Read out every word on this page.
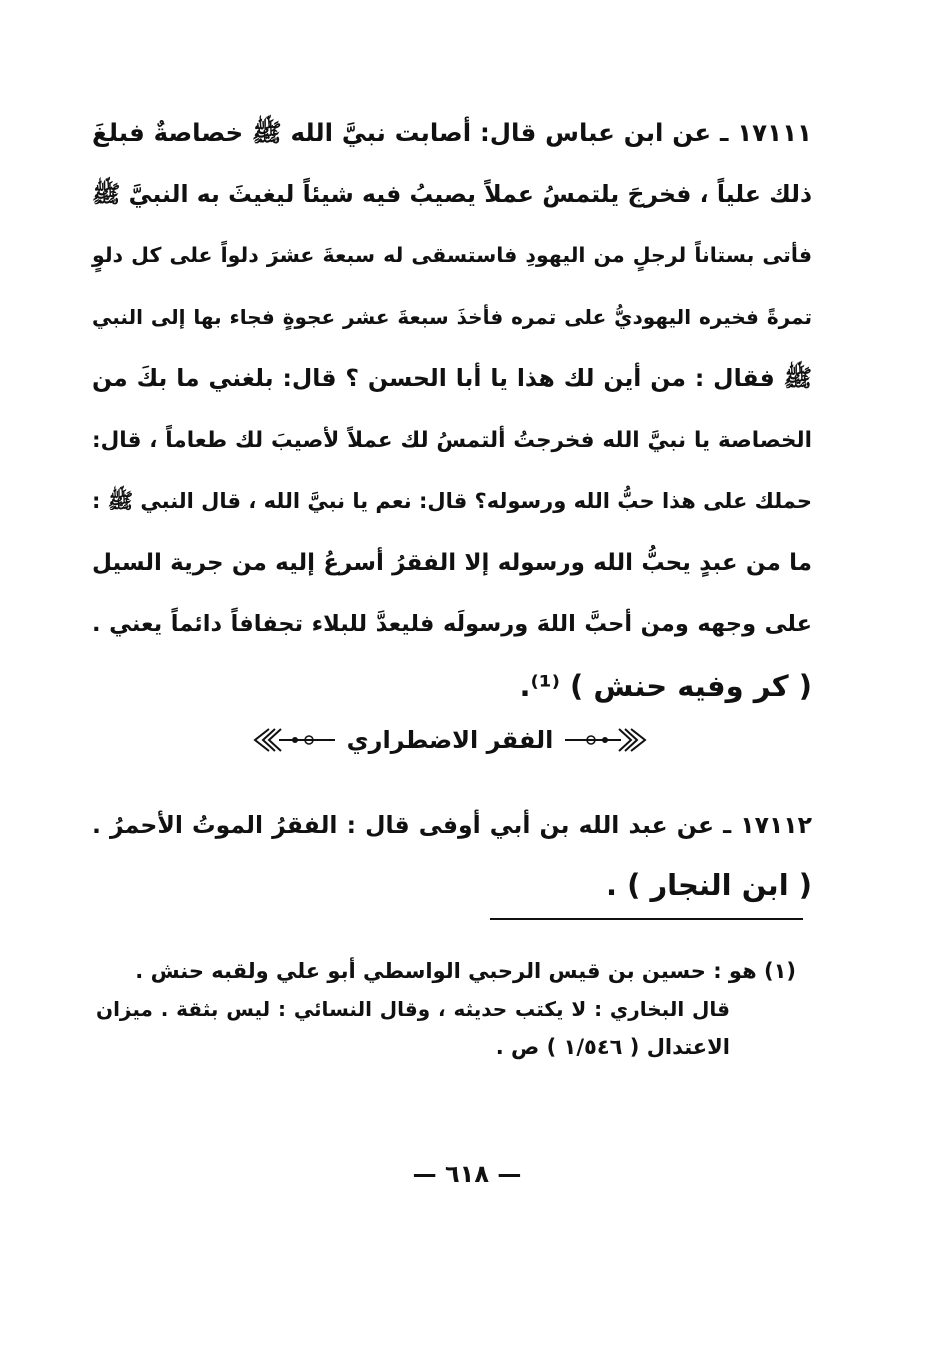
١٧١١١ ـ عن ابن عباس قال: أصابت نبيَّ الله ﷺ خصاصةٌ فبلغَ
ذلك علياً ، فخرجَ يلتمسُ عملاً يصيبُ فيه شيئاً ليغيثَ به النبيَّ ﷺ
فأتى بستاناً لرجلٍ من اليهودِ فاستسقى له سبعةَ عشرَ دلواً على كل دلوٍ
تمرةً فخيره اليهوديُّ على تمره فأخذَ سبعةَ عشر عجوةٍ فجاء بها إلى النبي
ﷺ فقال : من أين لك هذا يا أبا الحسن ؟ قال: بلغني ما بكَ من
الخصاصة يا نبيَّ الله فخرجتُ ألتمسُ لك عملاً لأصيبَ لك طعاماً ، قال:
حملك على هذا حبُّ الله ورسوله؟ قال: نعم يا نبيَّ الله ، قال النبي ﷺ :
ما من عبدٍ يحبُّ الله ورسوله إلا الفقرُ أسرعُ إليه من جرية السيل
على وجهه ومن أحبَّ اللهَ ورسولَه فليعدَّ للبلاء تجفافاً دائماً يعني .
( كر وفيه حنش ) ⁽¹⁾.
الفقر الاضطراري
١٧١١٢ ـ عن عبد الله بن أبي أوفى قال : الفقرُ الموتُ الأحمرُ .
( ابن النجار ) .
(١) هو : حسين بن قيس الرحبي الواسطي أبو علي ولقبه حنش .
قال البخاري : لا يكتب حديثه ، وقال النسائي : ليس بثقة . ميزان
الاعتدال ( ١/٥٤٦ ) ص .
— ٦١٨ —
